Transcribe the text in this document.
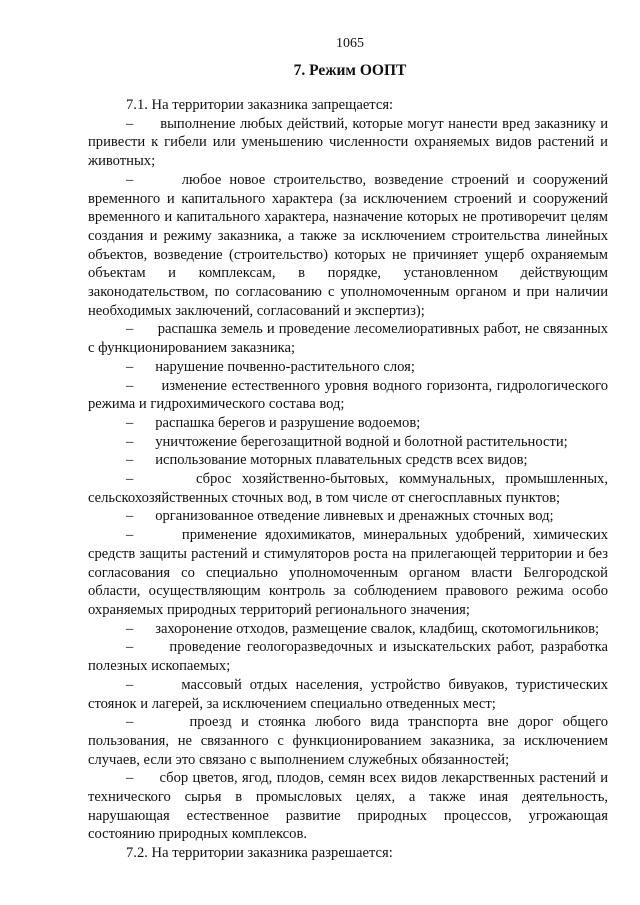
1065
7. Режим ООПТ

7.1. На территории заказника запрещается:

–      выполнение любых действий, которые могут нанести вред заказнику и привести к гибели или уменьшению численности охраняемых видов растений и животных;

–      любое новое строительство, возведение строений и сооружений временного и капитального характера (за исключением строений и сооружений временного и капитального характера, назначение которых не противоречит целям создания и режиму заказника, а также за исключением строительства линейных объектов, возведение (строительство) которых не причиняет ущерб охраняемым объектам и комплексам, в порядке, установленном действующим законодательством, по согласованию с уполномоченным органом и при наличии необходимых заключений, согласований и экспертиз);

–      распашка земель и проведение лесомелиоративных работ, не связанных с функционированием заказника;

–      нарушение почвенно-растительного слоя;

–      изменение естественного уровня водного горизонта, гидрологического режима и гидрохимического состава вод;

–      распашка берегов и разрушение водоемов;

–      уничтожение берегозащитной водной и болотной растительности;

–      использование моторных плавательных средств всех видов;

–      сброс хозяйственно-бытовых, коммунальных, промышленных, сельскохозяйственных сточных вод, в том числе от снегосплавных пунктов;

–      организованное отведение ливневых и дренажных сточных вод;

–      применение ядохимикатов, минеральных удобрений, химических средств защиты растений и стимуляторов роста на прилегающей территории и без согласования со специально уполномоченным органом власти Белгородской области, осуществляющим контроль за соблюдением правового режима особо охраняемых природных территорий регионального значения;

–      захоронение отходов, размещение свалок, кладбищ, скотомогильников;

–      проведение геологоразведочных и изыскательских работ, разработка полезных ископаемых;

–      массовый отдых населения, устройство бивуаков, туристических стоянок и лагерей, за исключением специально отведенных мест;

–      проезд и стоянка любого вида транспорта вне дорог общего пользования, не связанного с функционированием заказника, за исключением случаев, если это связано с выполнением служебных обязанностей;

–      сбор цветов, ягод, плодов, семян всех видов лекарственных растений и технического сырья в промысловых целях, а также иная деятельность, нарушающая естественное развитие природных процессов, угрожающая состоянию природных комплексов.

7.2. На территории заказника разрешается:
